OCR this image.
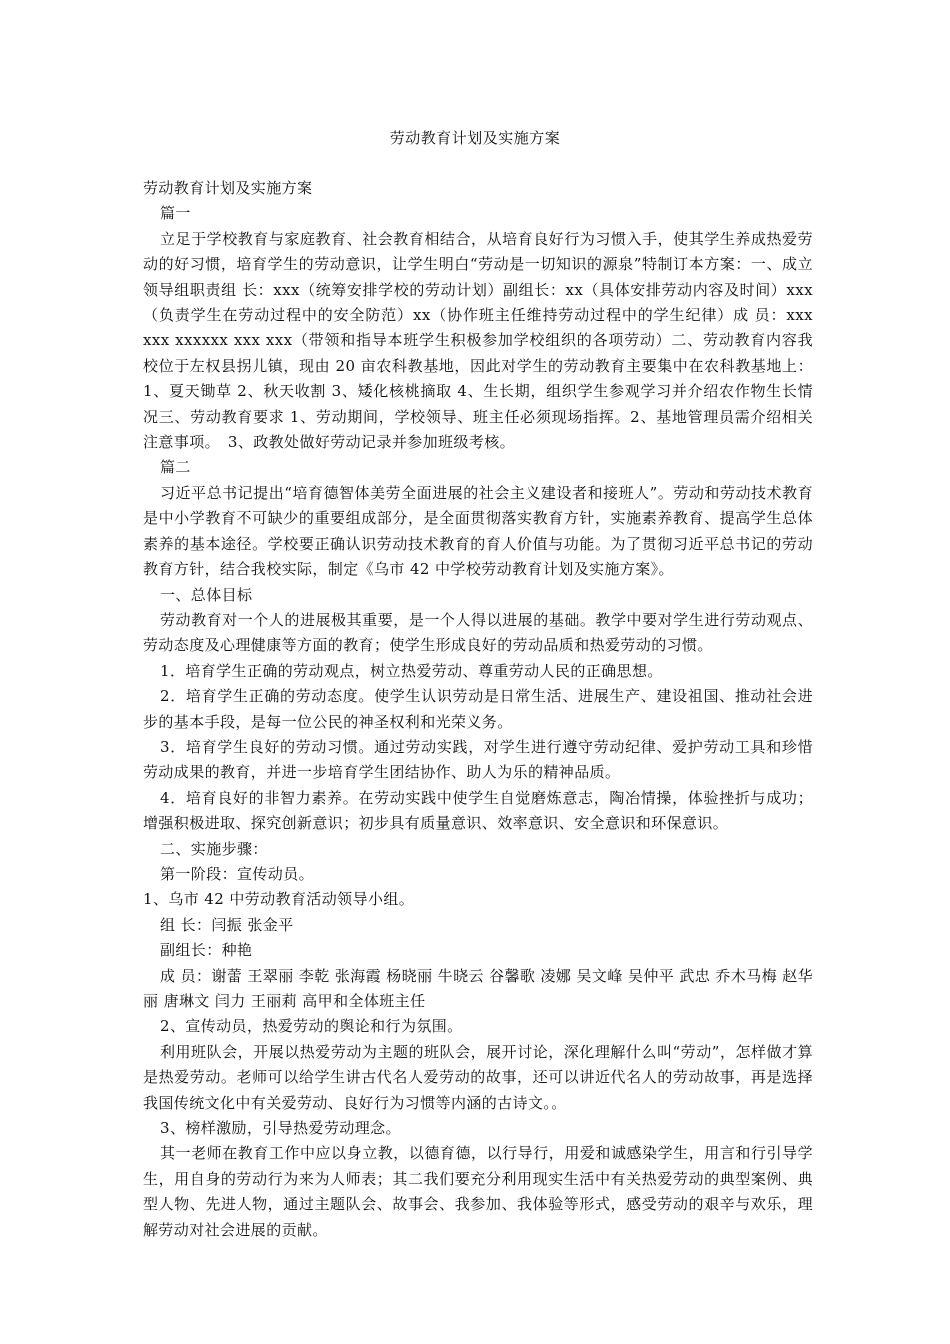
劳动教育计划及实施方案

劳动教育计划及实施方案

篇一

立足于学校教育与家庭教育、社会教育相结合，从培育良好行为习惯入手，使其学生养成热爱劳动的好习惯，培育学生的劳动意识，让学生明白“劳动是一切知识的源泉”特制订本方案：一、成立领导组职责组 长：xxx（统筹安排学校的劳动计划）副组长：xx（具体安排劳动内容及时间）xxx（负责学生在劳动过程中的安全防范）xx（协作班主任维持劳动过程中的学生纪律）成 员：xxx xxx xxxxxx xxx xxx（带领和指导本班学生积极参加学校组织的各项劳动）二、劳动教育内容我校位于左权县拐儿镇，现由 20 亩农科教基地，因此对学生的劳动教育主要集中在农科教基地上：1、夏天锄草 2、秋天收割 3、矮化核桃摘取 4、生长期，组织学生参观学习并介绍农作物生长情况三、劳动教育要求 1、劳动期间，学校领导、班主任必须现场指挥。2、基地管理员需介绍相关注意事项。　3、政教处做好劳动记录并参加班级考核。

篇二

习近平总书记提出“培育德智体美劳全面进展的社会主义建设者和接班人”。劳动和劳动技术教育是中小学教育不可缺少的重要组成部分，是全面贯彻落实教育方针，实施素养教育、提高学生总体素养的基本途径。学校要正确认识劳动技术教育的育人价值与功能。为了贯彻习近平总书记的劳动教育方针，结合我校实际，制定《乌市 42 中学校劳动教育计划及实施方案》。

一、总体目标

劳动教育对一个人的进展极其重要，是一个人得以进展的基础。教学中要对学生进行劳动观点、劳动态度及心理健康等方面的教育；使学生形成良好的劳动品质和热爱劳动的习惯。

1．培育学生正确的劳动观点，树立热爱劳动、尊重劳动人民的正确思想。

2．培育学生正确的劳动态度。使学生认识劳动是日常生活、进展生产、建设祖国、推动社会进步的基本手段，是每一位公民的神圣权利和光荣义务。

3．培育学生良好的劳动习惯。通过劳动实践，对学生进行遵守劳动纪律、爱护劳动工具和珍惜劳动成果的教育，并进一步培育学生团结协作、助人为乐的精神品质。

4．培育良好的非智力素养。在劳动实践中使学生自觉磨炼意志，陶冶情操，体验挫折与成功；增强积极进取、探究创新意识；初步具有质量意识、效率意识、安全意识和环保意识。

二、实施步骤：

第一阶段：宣传动员。

1、乌市 42 中劳动教育活动领导小组。

组 长：闫振 张金平

副组长：种艳

成 员：谢蕾 王翠丽 李乾 张海霞 杨晓丽 牛晓云 谷馨歌 凌娜 吴文峰 吴仲平 武忠 乔木马梅 赵华丽 唐琳文 闫力 王丽莉 高甲和全体班主任

2、宣传动员，热爱劳动的舆论和行为氛围。

利用班队会，开展以热爱劳动为主题的班队会，展开讨论，深化理解什么叫“劳动”，怎样做才算是热爱劳动。老师可以给学生讲古代名人爱劳动的故事，还可以讲近代名人的劳动故事，再是选择我国传统文化中有关爱劳动、良好行为习惯等内涵的古诗文。。

3、榜样激励，引导热爱劳动理念。

其一老师在教育工作中应以身立教，以德育德，以行导行，用爱和诚感染学生，用言和行引导学生，用自身的劳动行为来为人师表；其二我们要充分利用现实生活中有关热爱劳动的典型案例、典型人物、先进人物，通过主题队会、故事会、我参加、我体验等形式，感受劳动的艰辛与欢乐，理解劳动对社会进展的贡献。
